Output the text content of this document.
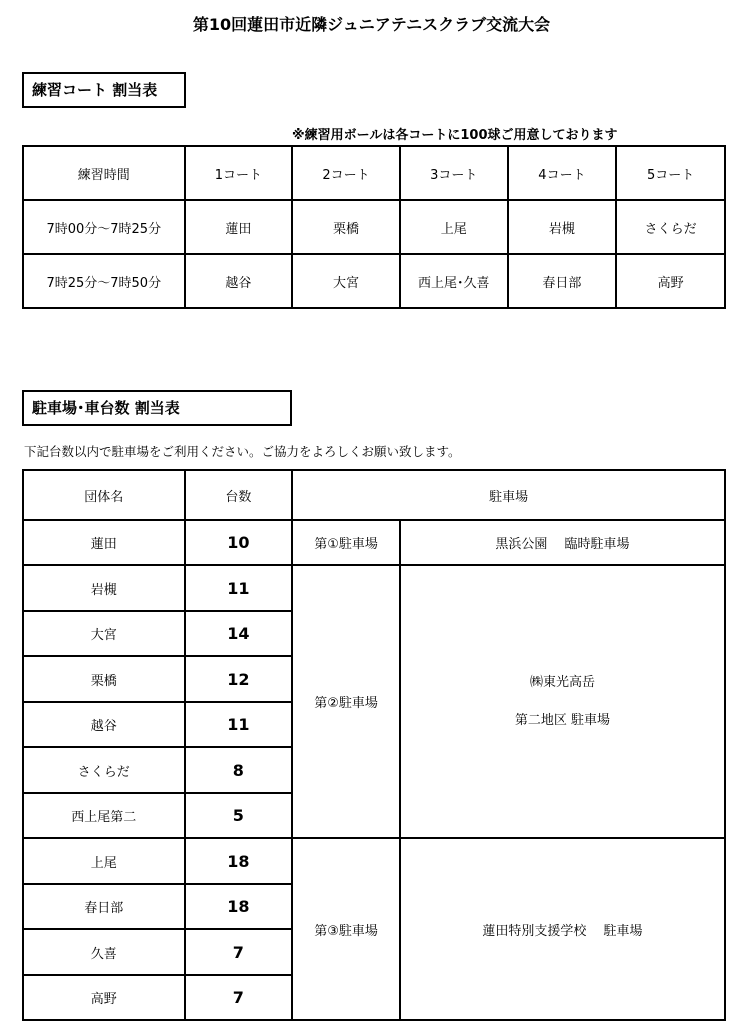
第10回蓮田市近隣ジュニアテニスクラブ交流大会
練習コート 割当表
※練習用ボールは各コートに100球ご用意しております
練習時間	1コート	2コート	3コート	4コート	5コート
7時00分～7時25分	蓮田	栗橋	上尾	岩槻	さくらだ
7時25分～7時50分	越谷	大宮	西上尾･久喜	春日部	高野
駐車場･車台数 割当表
下記台数以内で駐車場をご利用ください。ご協力をよろしくお願い致します。
団体名	台数	駐車場	
蓮田	10	第①駐車場	黒浜公園　 臨時駐車場
岩槻	11	第②駐車場	㈱東光高岳
第二地区 駐車場

大宮	14		
栗橋	12		
越谷	11		
さくらだ	8		
西上尾第二	5		
上尾	18	第③駐車場	蓮田特別支援学校　 駐車場
春日部	18		
久喜	7		
高野	7		
